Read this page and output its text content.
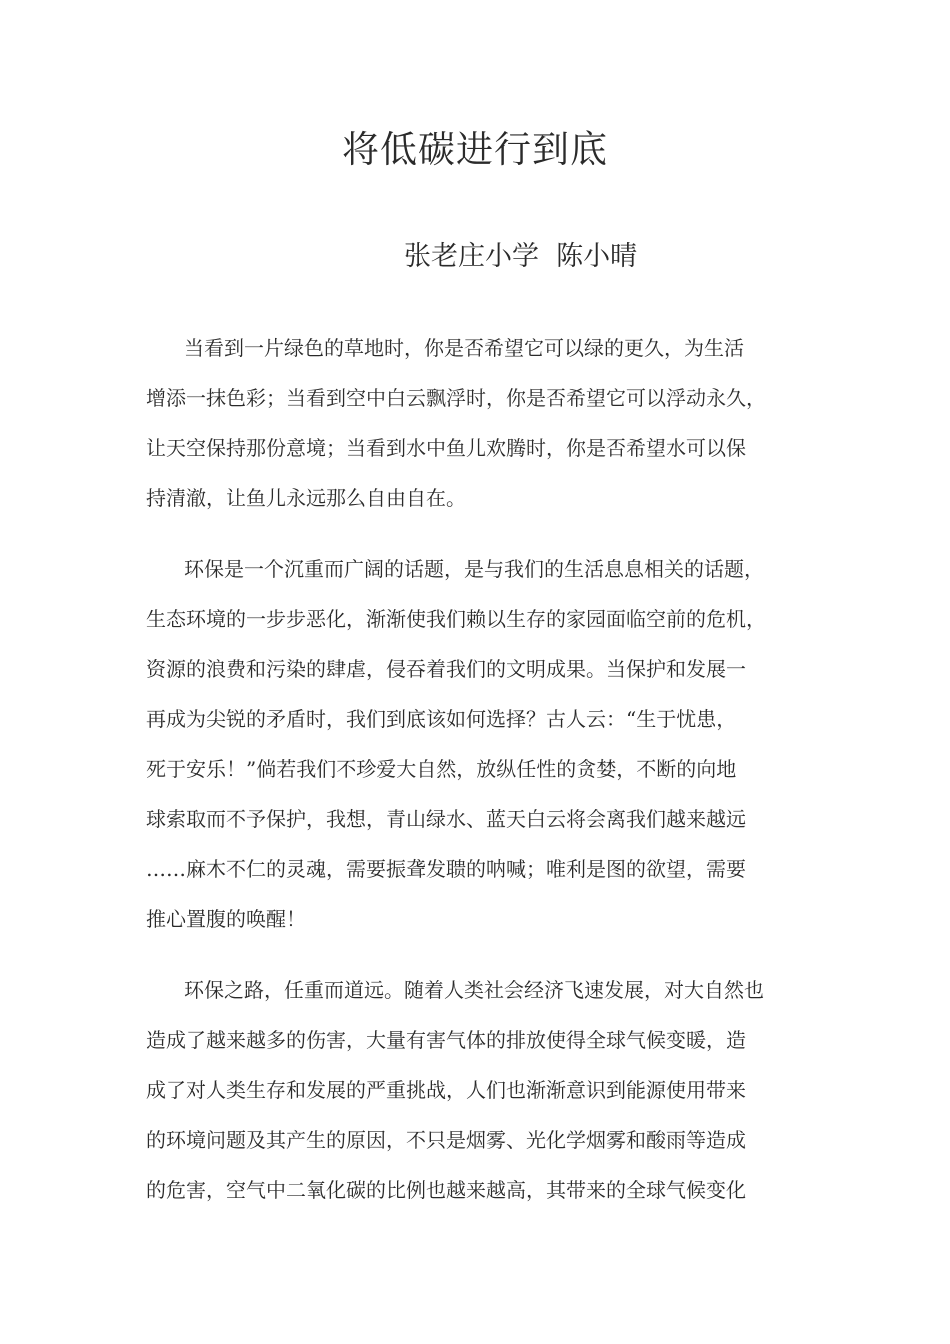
将低碳进行到底
张老庄小学  陈小晴
当看到一片绿色的草地时，你是否希望它可以绿的更久，为生活
增添一抹色彩；当看到空中白云飘浮时，你是否希望它可以浮动永久，
让天空保持那份意境；当看到水中鱼儿欢腾时，你是否希望水可以保
持清澈，让鱼儿永远那么自由自在。
环保是一个沉重而广阔的话题，是与我们的生活息息相关的话题，
生态环境的一步步恶化，渐渐使我们赖以生存的家园面临空前的危机，
资源的浪费和污染的肆虐，侵吞着我们的文明成果。当保护和发展一
再成为尖锐的矛盾时，我们到底该如何选择？古人云：“生于忧患，
死于安乐！”倘若我们不珍爱大自然，放纵任性的贪婪，不断的向地
球索取而不予保护，我想，青山绿水、蓝天白云将会离我们越来越远
……麻木不仁的灵魂，需要振聋发聩的呐喊；唯利是图的欲望，需要
推心置腹的唤醒！
环保之路，任重而道远。随着人类社会经济飞速发展，对大自然也
造成了越来越多的伤害，大量有害气体的排放使得全球气候变暖，造
成了对人类生存和发展的严重挑战，人们也渐渐意识到能源使用带来
的环境问题及其产生的原因，不只是烟雾、光化学烟雾和酸雨等造成
的危害，空气中二氧化碳的比例也越来越高，其带来的全球气候变化
